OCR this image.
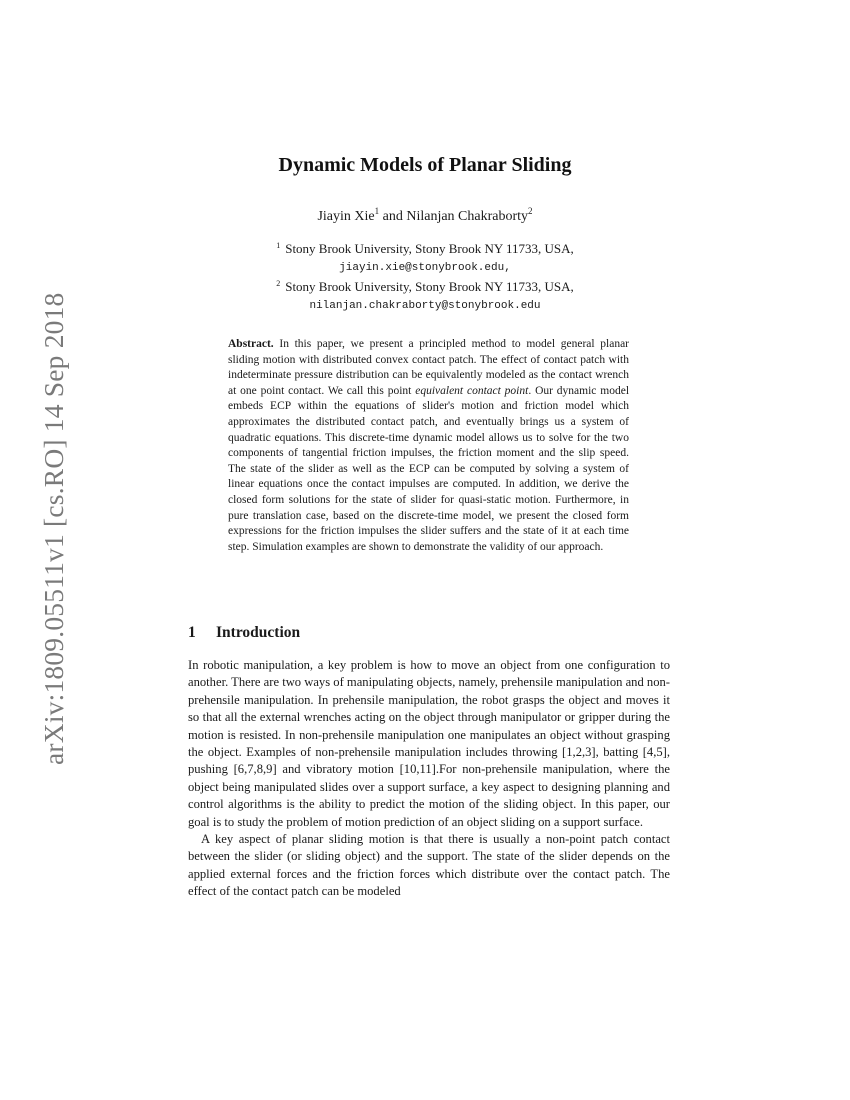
arXiv:1809.05511v1 [cs.RO] 14 Sep 2018
Dynamic Models of Planar Sliding
Jiayin Xie$^1$ and Nilanjan Chakraborty$^2$
$^1$ Stony Brook University, Stony Brook NY 11733, USA,
jiayin.xie@stonybrook.edu,
$^2$ Stony Brook University, Stony Brook NY 11733, USA,
nilanjan.chakraborty@stonybrook.edu
Abstract. In this paper, we present a principled method to model general planar sliding motion with distributed convex contact patch. The effect of contact patch with indeterminate pressure distribution can be equivalently modeled as the contact wrench at one point contact. We call this point equivalent contact point. Our dynamic model embeds ECP within the equations of slider's motion and friction model which approximates the distributed contact patch, and eventually brings us a system of quadratic equations. This discrete-time dynamic model allows us to solve for the two components of tangential friction impulses, the friction moment and the slip speed. The state of the slider as well as the ECP can be computed by solving a system of linear equations once the contact impulses are computed. In addition, we derive the closed form solutions for the state of slider for quasi-static motion. Furthermore, in pure translation case, based on the discrete-time model, we present the closed form expressions for the friction impulses the slider suffers and the state of it at each time step. Simulation examples are shown to demonstrate the validity of our approach.
1 Introduction

In robotic manipulation, a key problem is how to move an object from one configuration to another. There are two ways of manipulating objects, namely, prehensile manipulation and non-prehensile manipulation. In prehensile manipulation, the robot grasps the object and moves it so that all the external wrenches acting on the object through manipulator or gripper during the motion is resisted. In non-prehensile manipulation one manipulates an object without grasping the object. Examples of non-prehensile manipulation includes throwing [1,2,3], batting [4,5], pushing [6,7,8,9] and vibratory motion [10,11].For non-prehensile manipulation, where the object being manipulated slides over a support surface, a key aspect to designing planning and control algorithms is the ability to predict the motion of the sliding object. In this paper, our goal is to study the problem of motion prediction of an object sliding on a support surface.

A key aspect of planar sliding motion is that there is usually a non-point patch contact between the slider (or sliding object) and the support. The state of the slider depends on the applied external forces and the friction forces which distribute over the contact patch. The effect of the contact patch can be modeled
